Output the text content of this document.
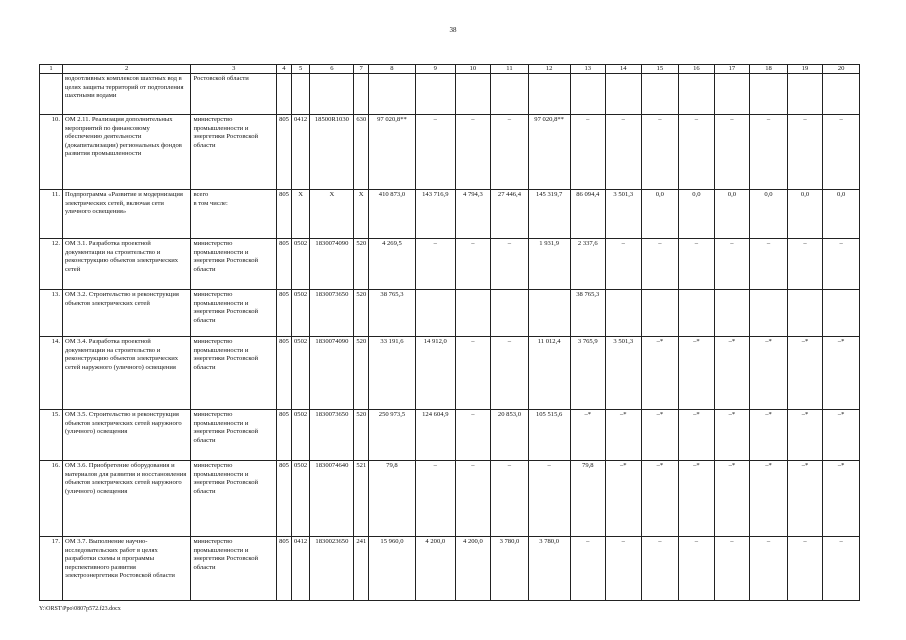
38
1	2	3	4	5	6	7	8	9	10	11	12	13	14	15	16	17	18	19	20
	водоотливных комплексов шахтных вод в целях защиты территорий от подтопления шахтными водами	Ростовской области																	
10.	ОМ 2.11. Реализация дополнительных мероприятий по финансовому обеспечению деятельности (докапитализации) региональных фондов развития промышленности	министерство промышленности и энергетики Ростовской области	805	0412	18500R1030	630	97 020,8**	–	–	–	97 020,8**	–	–	–	–	–	–	–	–
11.	Подпрограмма «Развитие и модернизация электрических сетей, включая сети уличного освещения»	всего
в том числе:	805	Х	Х	Х	410 873,0	143 716,9	4 794,3	27 446,4	145 319,7	86 094,4	3 501,3	0,0	0,0	0,0	0,0	0,0	0,0
12.	ОМ 3.1. Разработка проектной документации на строительство и реконструкцию объектов электрических сетей	министерство промышленности и энергетики Ростовской области	805	0502	1830074090	520	4 269,5	–	–	–	1 931,9	2 337,6	–	–	–	–	–	–	–
13.	ОМ 3.2. Строительство и реконструкция объектов электрических сетей	министерство промышленности и энергетики Ростовской области	805	0502	1830073650	520	38 765,3					38 765,3							
14.	ОМ 3.4. Разработка проектной документации на строительство и реконструкцию объектов электрических сетей наружного (уличного) освещения	министерство промышленности и энергетики Ростовской области	805	0502	1830074090	520	33 191,6	14 912,0	–	–	11 012,4	3 765,9	3 501,3	–*	–*	–*	–*	–*	–*
15.	ОМ 3.5. Строительство и реконструкция объектов электрических сетей наружного (уличного) освещения	министерство промышленности и энергетики Ростовской области	805	0502	1830073650	520	250 973,5	124 604,9	–	20 853,0	105 515,6	–*	–*	–*	–*	–*	–*	–*	–*
16.	ОМ 3.6. Приобретение оборудования и материалов для развития и восстановления объектов электрических сетей наружного (уличного) освещения	министерство промышленности и энергетики Ростовской области	805	0502	1830074640	521	79,8	–	–	–	–	79,8	–*	–*	–*	–*	–*	–*	–*
17.	ОМ 3.7. Выполнение научно-исследовательских работ в целях разработки схемы и программы перспективного развития электроэнергетики Ростовской области	министерство промышленности и энергетики Ростовской области	805	0412	1830023650	241	15 960,0	4 200,0	4 200,0	3 780,0	3 780,0	–	–	–	–	–	–	–	–
Y:\ORST\Ppo\0807p572.f23.docx
